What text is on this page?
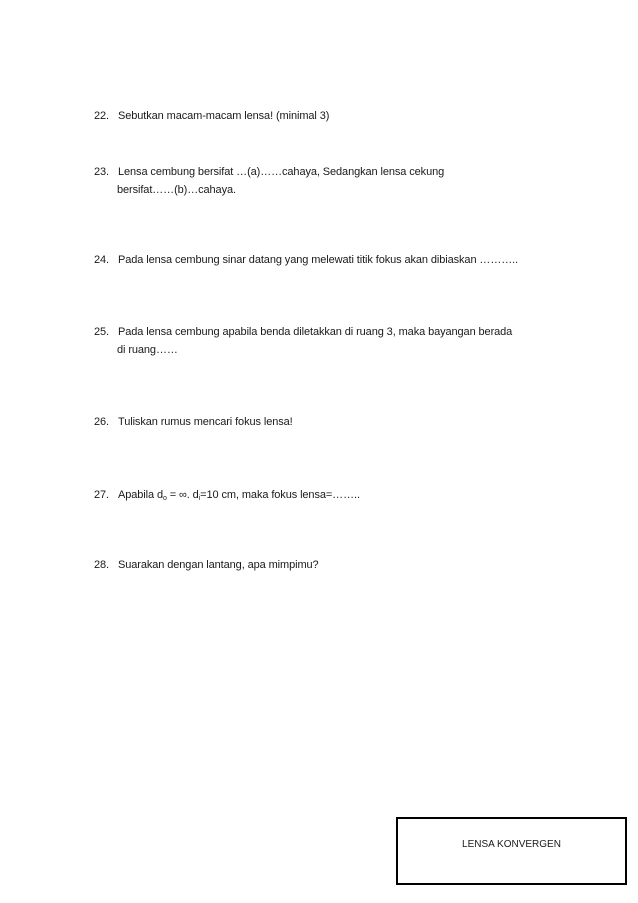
22. Sebutkan macam-macam lensa! (minimal 3)
23. Lensa cembung bersifat …(a)……cahaya, Sedangkan lensa cekung
bersifat……(b)…cahaya.
24. Pada lensa cembung sinar datang yang melewati titik fokus akan dibiaskan ………..
25. Pada lensa cembung apabila benda diletakkan di ruang 3, maka bayangan berada
di ruang……
26. Tuliskan rumus mencari fokus lensa!
27. Apabila $d_o$ = ∞. $d_i=10$ cm, maka fokus lensa=……..
28. Suarakan dengan lantang, apa mimpimu?
LENSA KONVERGEN
